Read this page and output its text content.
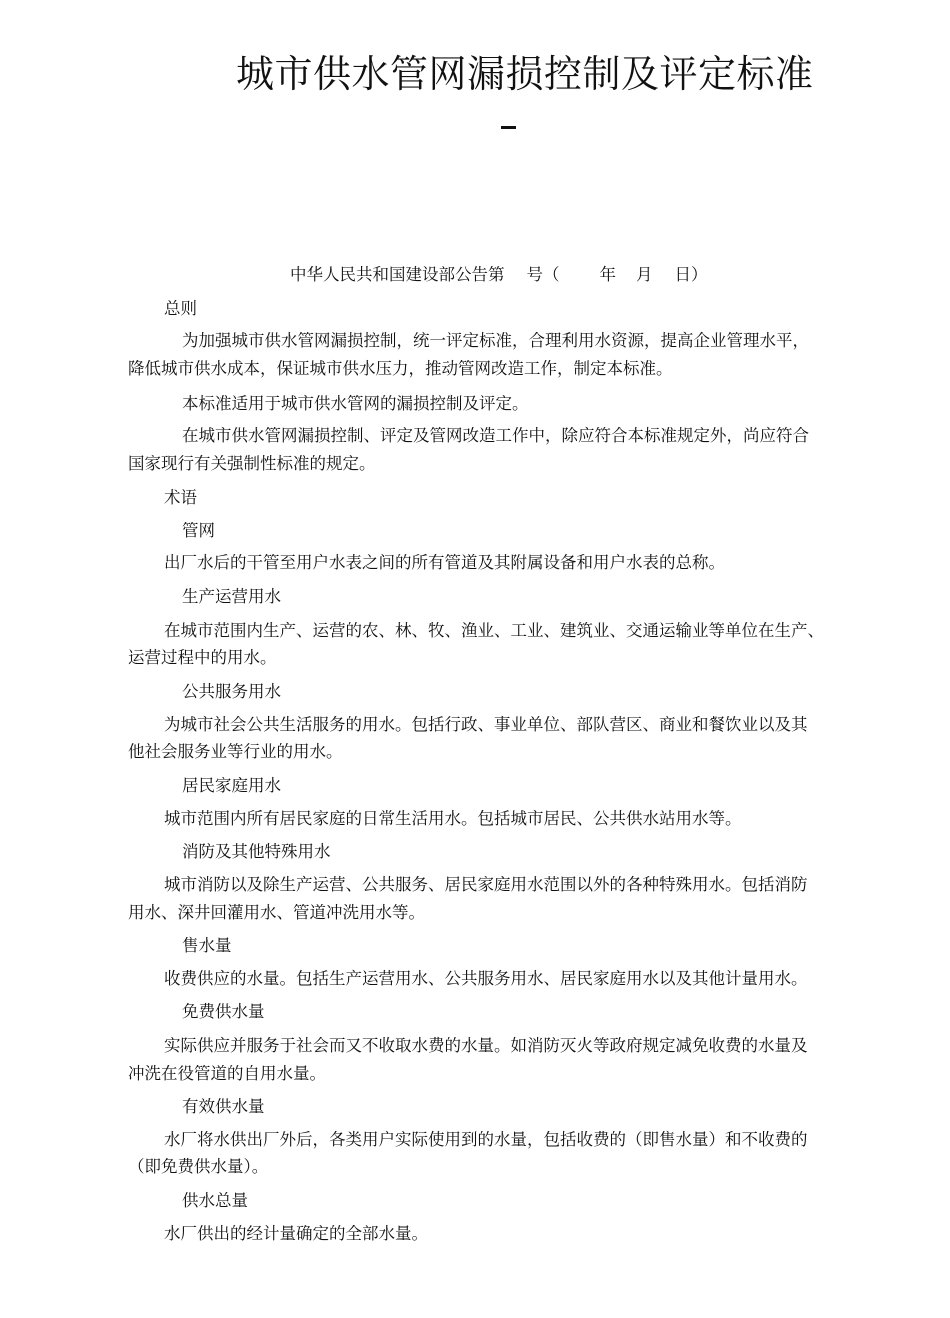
城市供水管网漏损控制及评定标准
中华人民共和国建设部公告第 号（ 年 月 日）
总则
为加强城市供水管网漏损控制，统一评定标准，合理利用水资源，提高企业管理水平，
降低城市供水成本，保证城市供水压力，推动管网改造工作，制定本标准。
本标准适用于城市供水管网的漏损控制及评定。
在城市供水管网漏损控制、评定及管网改造工作中，除应符合本标准规定外，尚应符合
国家现行有关强制性标准的规定。
术语
管网
出厂水后的干管至用户水表之间的所有管道及其附属设备和用户水表的总称。
生产运营用水
在城市范围内生产、运营的农、林、牧、渔业、工业、建筑业、交通运输业等单位在生产、
运营过程中的用水。
公共服务用水
为城市社会公共生活服务的用水。包括行政、事业单位、部队营区、商业和餐饮业以及其
他社会服务业等行业的用水。
居民家庭用水
城市范围内所有居民家庭的日常生活用水。包括城市居民、公共供水站用水等。
消防及其他特殊用水
城市消防以及除生产运营、公共服务、居民家庭用水范围以外的各种特殊用水。包括消防
用水、深井回灌用水、管道冲洗用水等。
售水量
收费供应的水量。包括生产运营用水、公共服务用水、居民家庭用水以及其他计量用水。
免费供水量
实际供应并服务于社会而又不收取水费的水量。如消防灭火等政府规定减免收费的水量及
冲洗在役管道的自用水量。
有效供水量
水厂将水供出厂外后，各类用户实际使用到的水量，包括收费的（即售水量）和不收费的
（即免费供水量）。
供水总量
水厂供出的经计量确定的全部水量。
